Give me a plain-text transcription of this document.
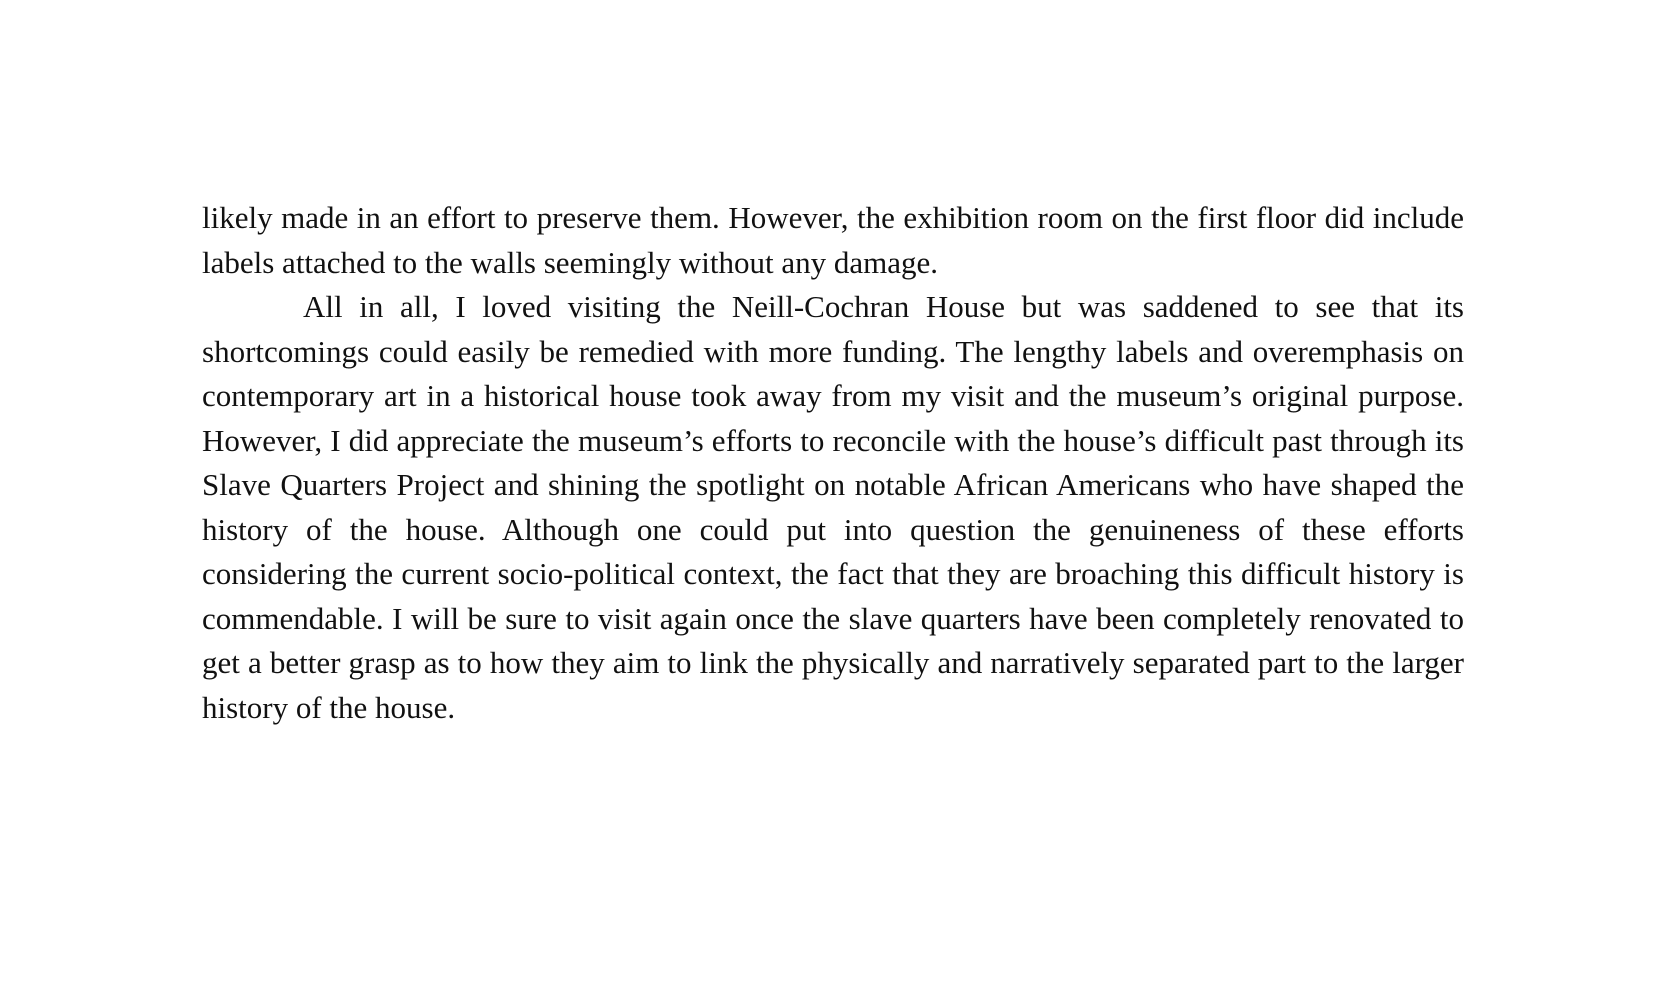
likely made in an effort to preserve them. However, the exhibition room on the first floor did include labels attached to the walls seemingly without any damage.

All in all, I loved visiting the Neill-Cochran House but was saddened to see that its shortcomings could easily be remedied with more funding. The lengthy labels and overemphasis on contemporary art in a historical house took away from my visit and the museum’s original purpose. However, I did appreciate the museum’s efforts to reconcile with the house’s difficult past through its Slave Quarters Project and shining the spotlight on notable African Americans who have shaped the history of the house. Although one could put into question the genuineness of these efforts considering the current socio-political context, the fact that they are broaching this difficult history is commendable. I will be sure to visit again once the slave quarters have been completely renovated to get a better grasp as to how they aim to link the physically and narratively separated part to the larger history of the house.
